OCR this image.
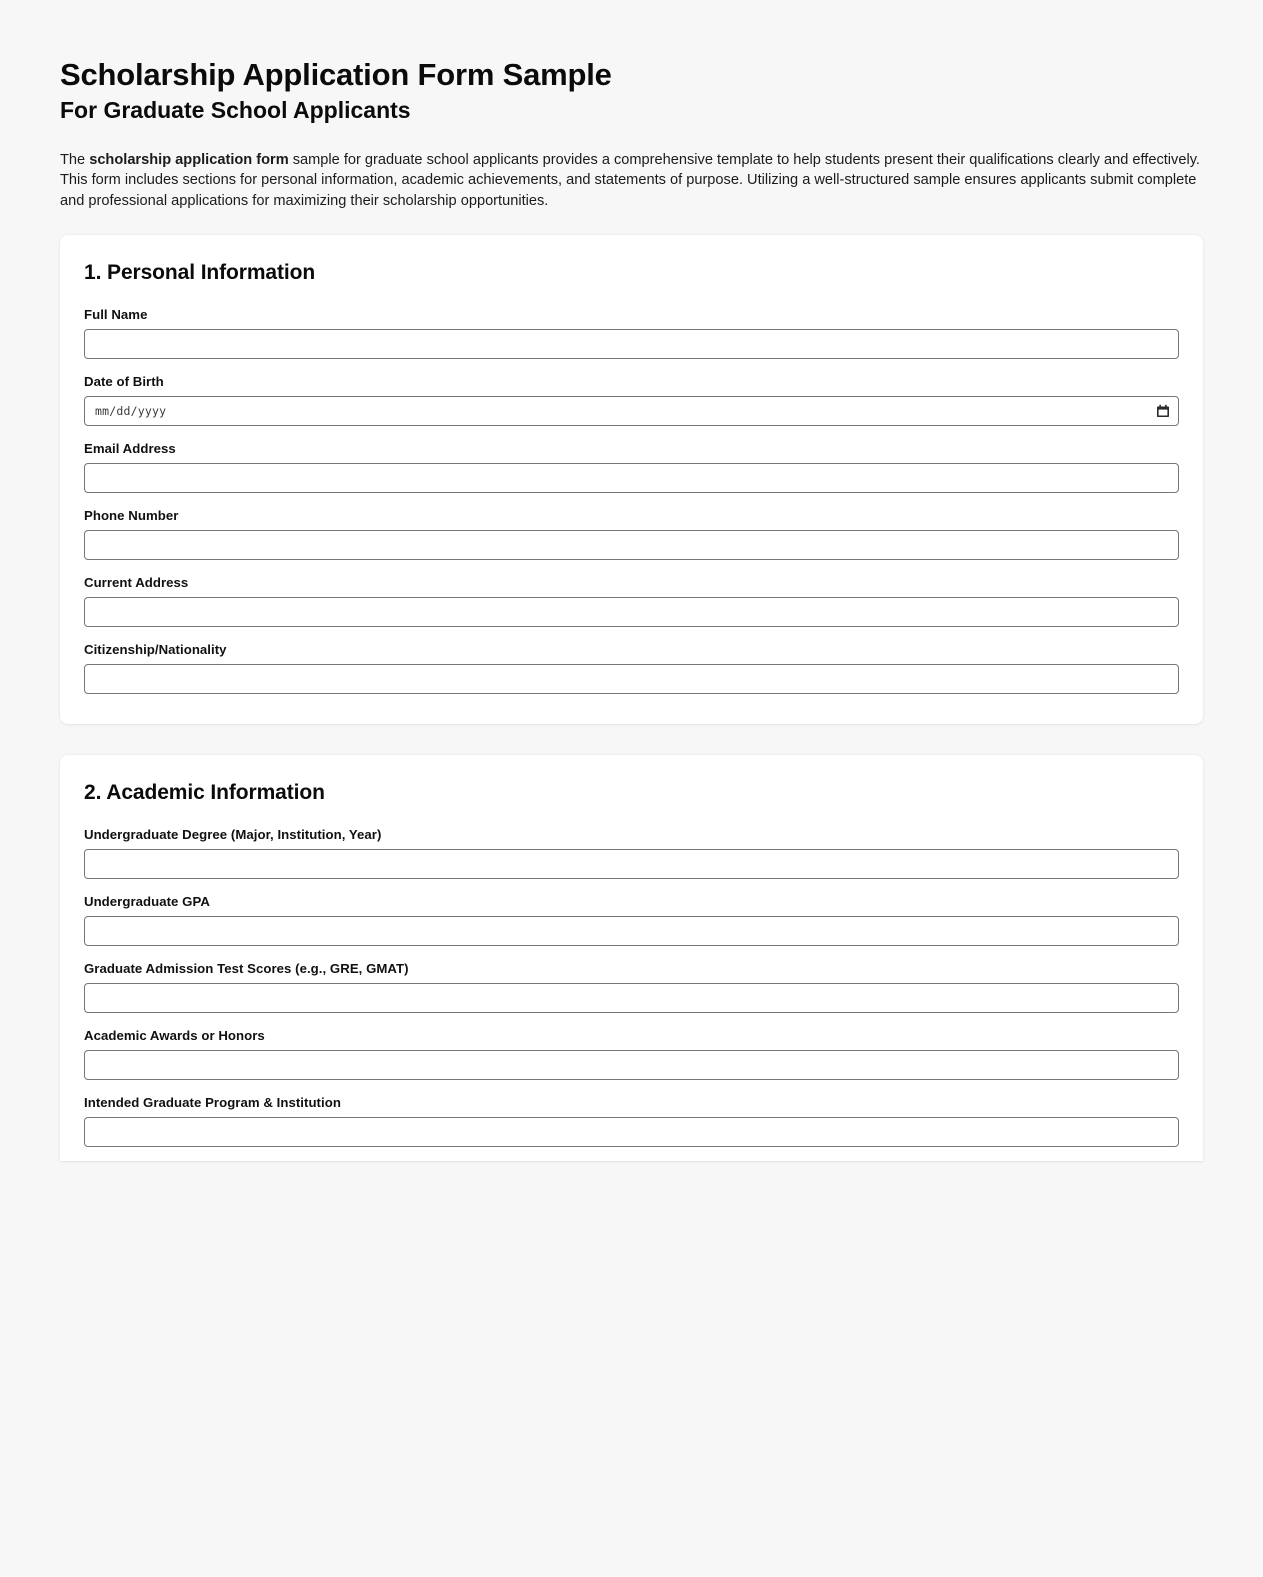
Scholarship Application Form Sample
For Graduate School Applicants

The scholarship application form sample for graduate school applicants provides a comprehensive template to help students present their qualifications clearly and effectively. This form includes sections for personal information, academic achievements, and statements of purpose. Utilizing a well-structured sample ensures applicants submit complete and professional applications for maximizing their scholarship opportunities.

1. Personal Information
Full Name
Date of Birth
mm/dd/yyyy
Email Address
Phone Number
Current Address
Citizenship/Nationality
2. Academic Information
Undergraduate Degree (Major, Institution, Year)
Undergraduate GPA
Graduate Admission Test Scores (e.g., GRE, GMAT)
Academic Awards or Honors
Intended Graduate Program & Institution
